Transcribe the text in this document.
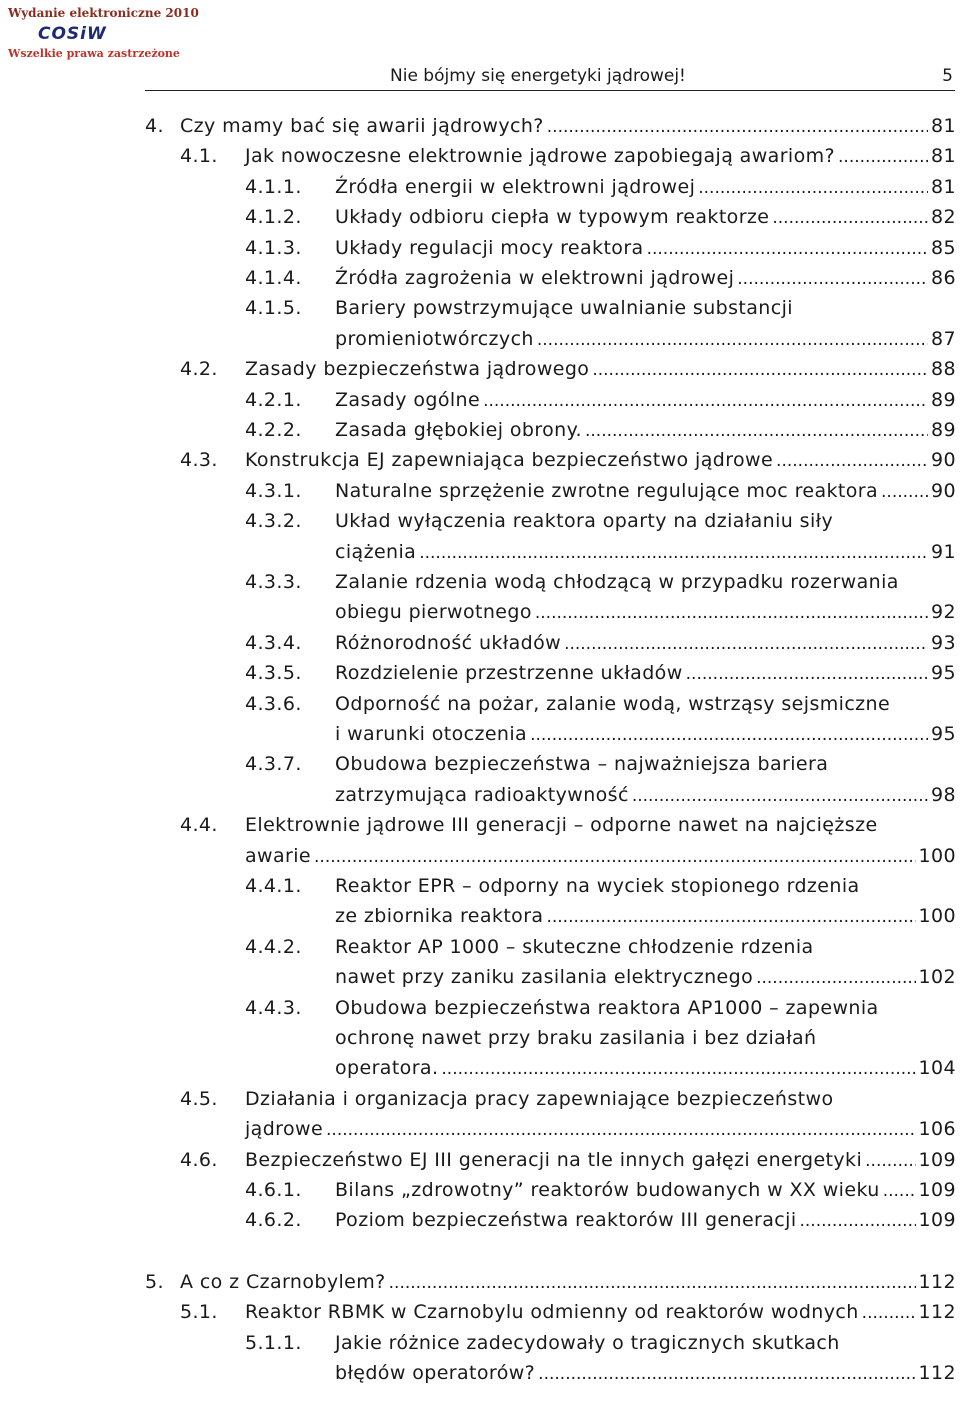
Wydanie elektroniczne 2010
COSiW
Wszelkie prawa zastrzeżone
Nie bójmy się energetyki jądrowej!	5
4. Czy mamy bać się awarii jądrowych?	81
.....
4.1. Jak nowoczesne elektrownie jądrowe zapobiegają awariom?	81
.....
4.1.1. Źródła energii w elektrowni jądrowej	81
.....
4.1.2. Układy odbioru ciepła w typowym reaktorze	82
.....
4.1.3. Układy regulacji mocy reaktora	85
.....
4.1.4. Źródła zagrożenia w elektrowni jądrowej	86
.....
4.1.5. Bariery powstrzymujące uwalnianie substancji
promieniotwórczych	87
.....
4.2. Zasady bezpieczeństwa jądrowego	88
.....
4.2.1. Zasady ogólne	89
.....
4.2.2. Zasada głębokiej obrony.	89
.....
4.3. Konstrukcja EJ zapewniająca bezpieczeństwo jądrowe	90
.....
4.3.1. Naturalne sprzężenie zwrotne regulujące moc reaktora	90
.....
4.3.2. Układ wyłączenia reaktora oparty na działaniu siły
ciążenia	91
.....
4.3.3. Zalanie rdzenia wodą chłodzącą w przypadku rozerwania
obiegu pierwotnego	92
.....
4.3.4. Różnorodność układów	93
.....
4.3.5. Rozdzielenie przestrzenne układów	95
.....
4.3.6. Odporność na pożar, zalanie wodą, wstrząsy sejsmiczne
i warunki otoczenia	95
.....
4.3.7. Obudowa bezpieczeństwa – najważniejsza bariera
zatrzymująca radioaktywność	98
.....
4.4. Elektrownie jądrowe III generacji – odporne nawet na najcięższe
awarie	100
.....
4.4.1. Reaktor EPR – odporny na wyciek stopionego rdzenia
ze zbiornika reaktora	100
.....
4.4.2. Reaktor AP 1000 – skuteczne chłodzenie rdzenia
nawet przy zaniku zasilania elektrycznego	102
.....
4.4.3. Obudowa bezpieczeństwa reaktora AP1000 – zapewnia
ochronę nawet przy braku zasilania i bez działań
operatora.	104
.....
4.5. Działania i organizacja pracy zapewniające bezpieczeństwo
jądrowe	106
.....
4.6. Bezpieczeństwo EJ III generacji na tle innych gałęzi energetyki	109
.....
4.6.1. Bilans „zdrowotny” reaktorów budowanych w XX wieku 109
.....
4.6.2. Poziom bezpieczeństwa reaktorów III generacji	109
.....
5. A co z Czarnobylem?	112
.....
5.1. Reaktor RBMK w Czarnobylu odmienny od reaktorów wodnych	112
.....
5.1.1. Jakie różnice zadecydowały o tragicznych skutkach
błędów operatorów?	112
.....
